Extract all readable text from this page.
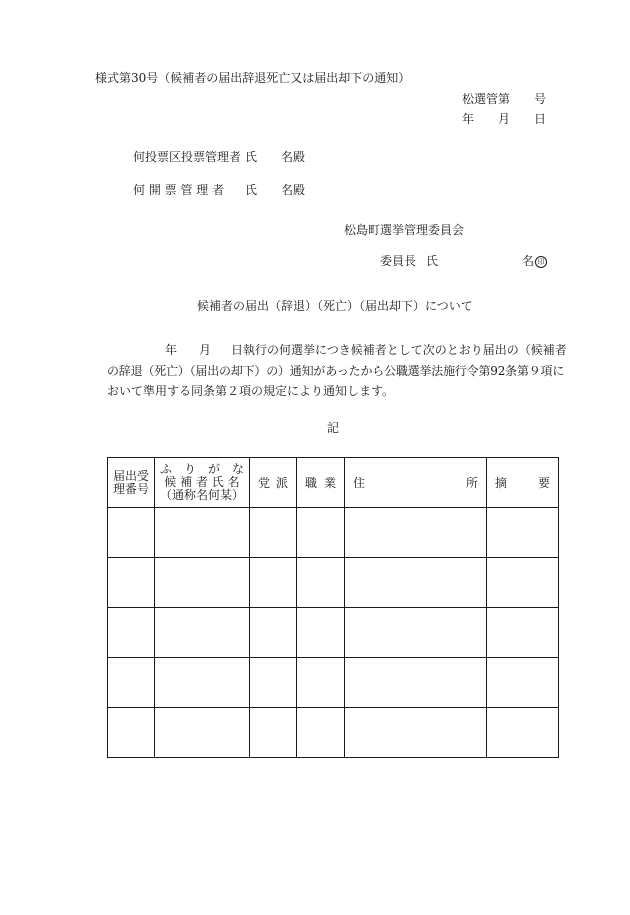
様式第30号（候補者の届出辞退死亡又は届出却下の通知）
松選管第 号
年 月 日
何投票区投票管理者 氏 名殿
何 開 票 管 理 者 氏 名殿
松島町選挙管理委員会
委員長 氏	名 印
候補者の届出（辞退）（死亡）（届出却下）について
年 月 日執行の何選挙につき候補者として次のとおり届出の（候補者
の辞退（死亡）（届出の却下）の）通知があったから公職選挙法施行令第92条第９項に
おいて準用する同条第２項の規定により通知します。
記
届出受
理番号	ふ　り　が　な
候 補 者 氏 名
（通称名何某）	党 派	職 業	住 所	摘 要
